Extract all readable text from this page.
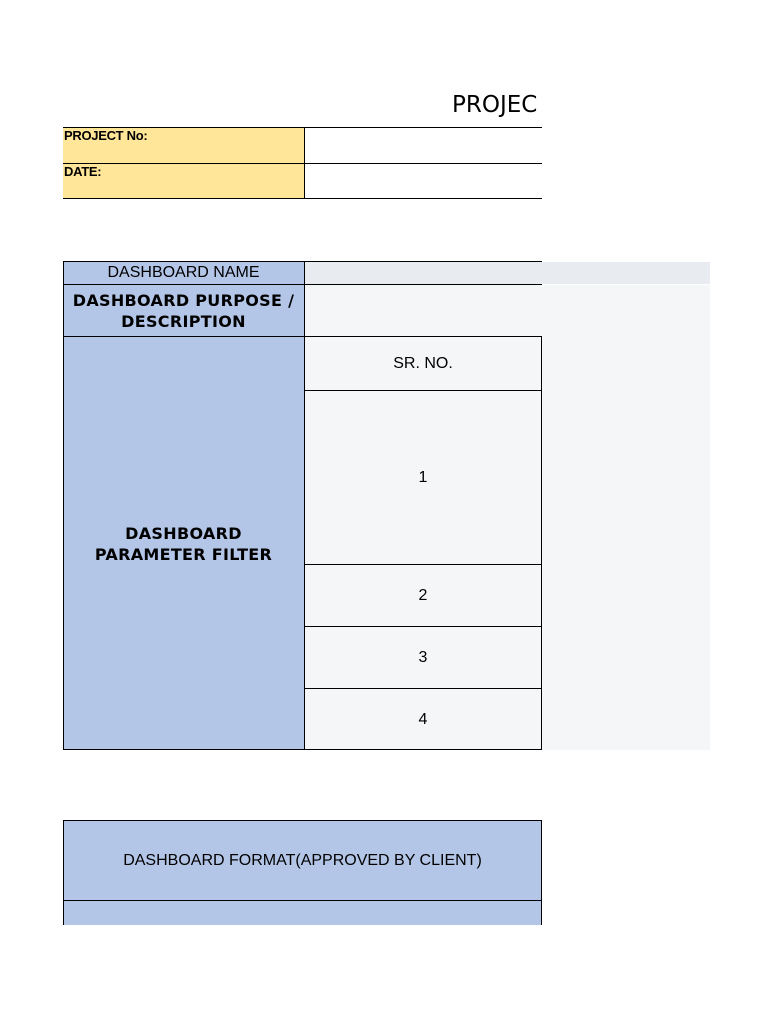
PROJEC
PROJECT No:
DATE:
DASHBOARD NAME
DASHBOARD PURPOSE / DESCRIPTION
DASHBOARD PARAMETER FILTER
SR. NO.
1
2
3
4
DASHBOARD FORMAT(APPROVED BY CLIENT)
